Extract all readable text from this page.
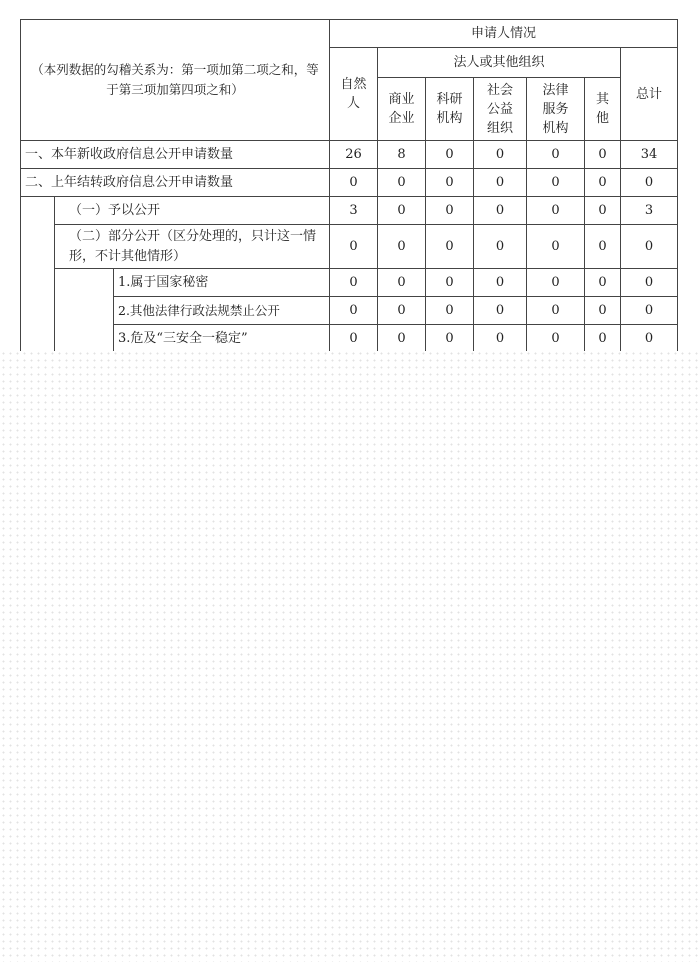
（本列数据的勾稽关系为：第一项加第二项之和，等于第三项加第四项之和）			申请人情况						
			自然人	法人或其他组织					总计
				商业企业	科研机构	社会公益组织	法律服务机构	其他	
一、本年新收政府信息公开申请数量			26	8	0	0	0	0	34
二、上年结转政府信息公开申请数量			0	0	0	0	0	0	0
	（一）予以公开		3	0	0	0	0	0	3
	（二）部分公开（区分处理的，只计这一情形，不计其他情形）		0	0	0	0	0	0	0
		1.属于国家秘密	0	0	0	0	0	0	0
		2.其他法律行政法规禁止公开	0	0	0	0	0	0	0
		3.危及“三安全一稳定”	0	0	0	0	0	0	0
